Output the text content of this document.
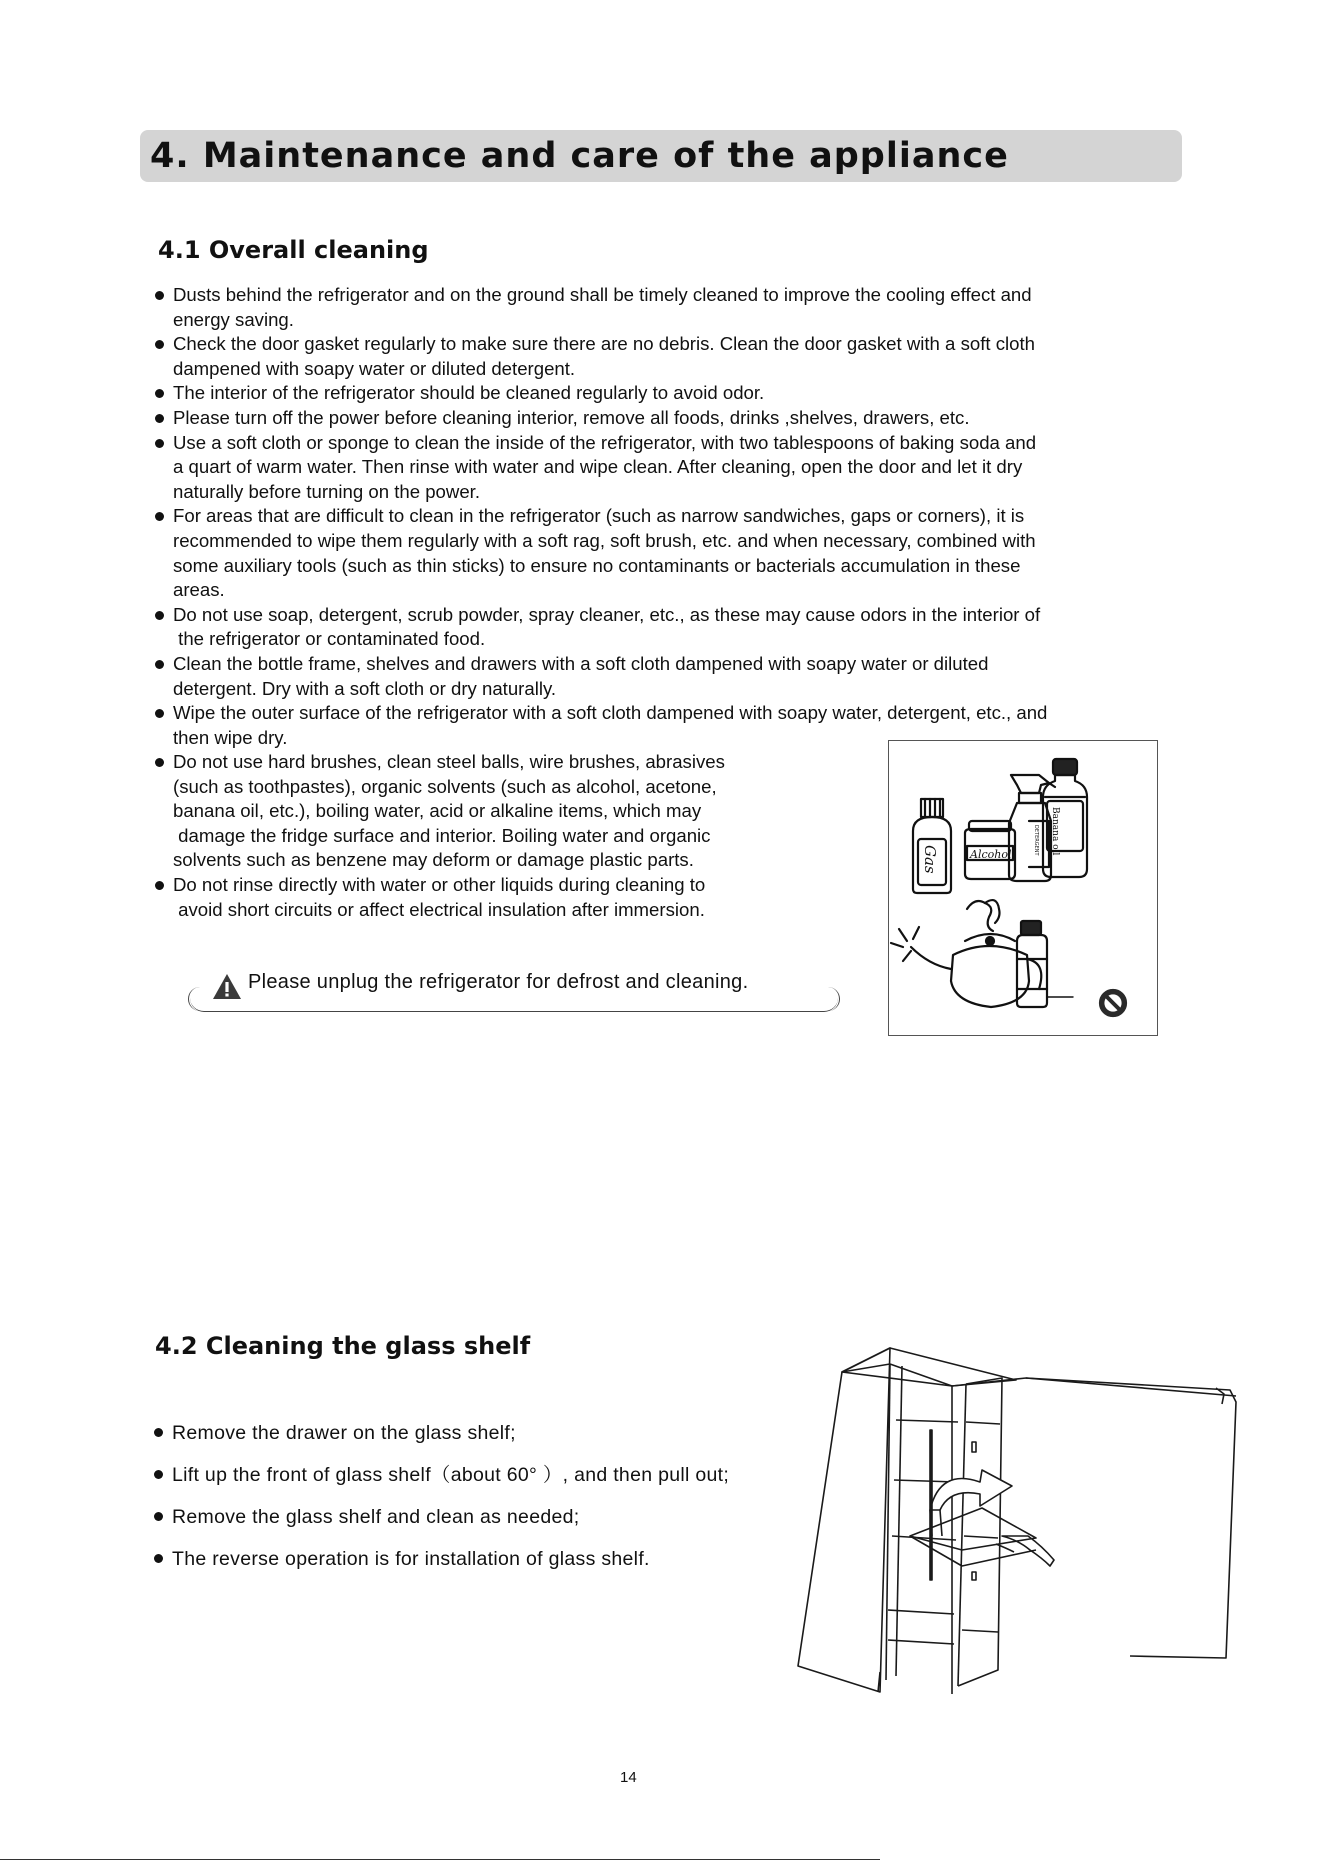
4. Maintenance and care of the appliance
4.1 Overall cleaning
Dusts behind the refrigerator and on the ground shall be timely cleaned to improve the cooling effect and
energy saving.
Check the door gasket regularly to make sure there are no debris. Clean the door gasket with a soft cloth
dampened with soapy water or diluted detergent.
The interior of the refrigerator should be cleaned regularly to avoid odor.
Please turn off the power before cleaning interior, remove all foods, drinks ,shelves, drawers, etc.
Use a soft cloth or sponge to clean the inside of the refrigerator, with two tablespoons of baking soda and
a quart of warm water. Then rinse with water and wipe clean. After cleaning, open the door and let it dry
naturally before turning on the power.
For areas that are difficult to clean in the refrigerator (such as narrow sandwiches, gaps or corners), it is
recommended to wipe them regularly with a soft rag, soft brush, etc. and when necessary, combined with
some auxiliary tools (such as thin sticks) to ensure no contaminants or bacterials accumulation in these
areas.
Do not use soap, detergent, scrub powder, spray cleaner, etc., as these may cause odors in the interior of
the refrigerator or contaminated food.
Clean the bottle frame, shelves and drawers with a soft cloth dampened with soapy water or diluted
detergent. Dry with a soft cloth or dry naturally.
Wipe the outer surface of the refrigerator with a soft cloth dampened with soapy water, detergent, etc., and
then wipe dry.
Do not use hard brushes, clean steel balls, wire brushes, abrasives
(such as toothpastes), organic solvents (such as alcohol, acetone,
banana oil, etc.), boiling water, acid or alkaline items, which may
damage the fridge surface and interior. Boiling water and organic
solvents such as benzene may deform or damage plastic parts.
Do not rinse directly with water or other liquids during cleaning to
avoid short circuits or affect electrical insulation after immersion.
Please unplug the refrigerator for defrost and cleaning.
Gas	Alcohol	DETERGENT Banana oil
4.2 Cleaning the glass shelf
Remove the drawer on the glass shelf;
Lift up the front of glass shelf（about 60° ）, and then pull out;
Remove the glass shelf and clean as needed;
The reverse operation is for installation of glass shelf.
14
